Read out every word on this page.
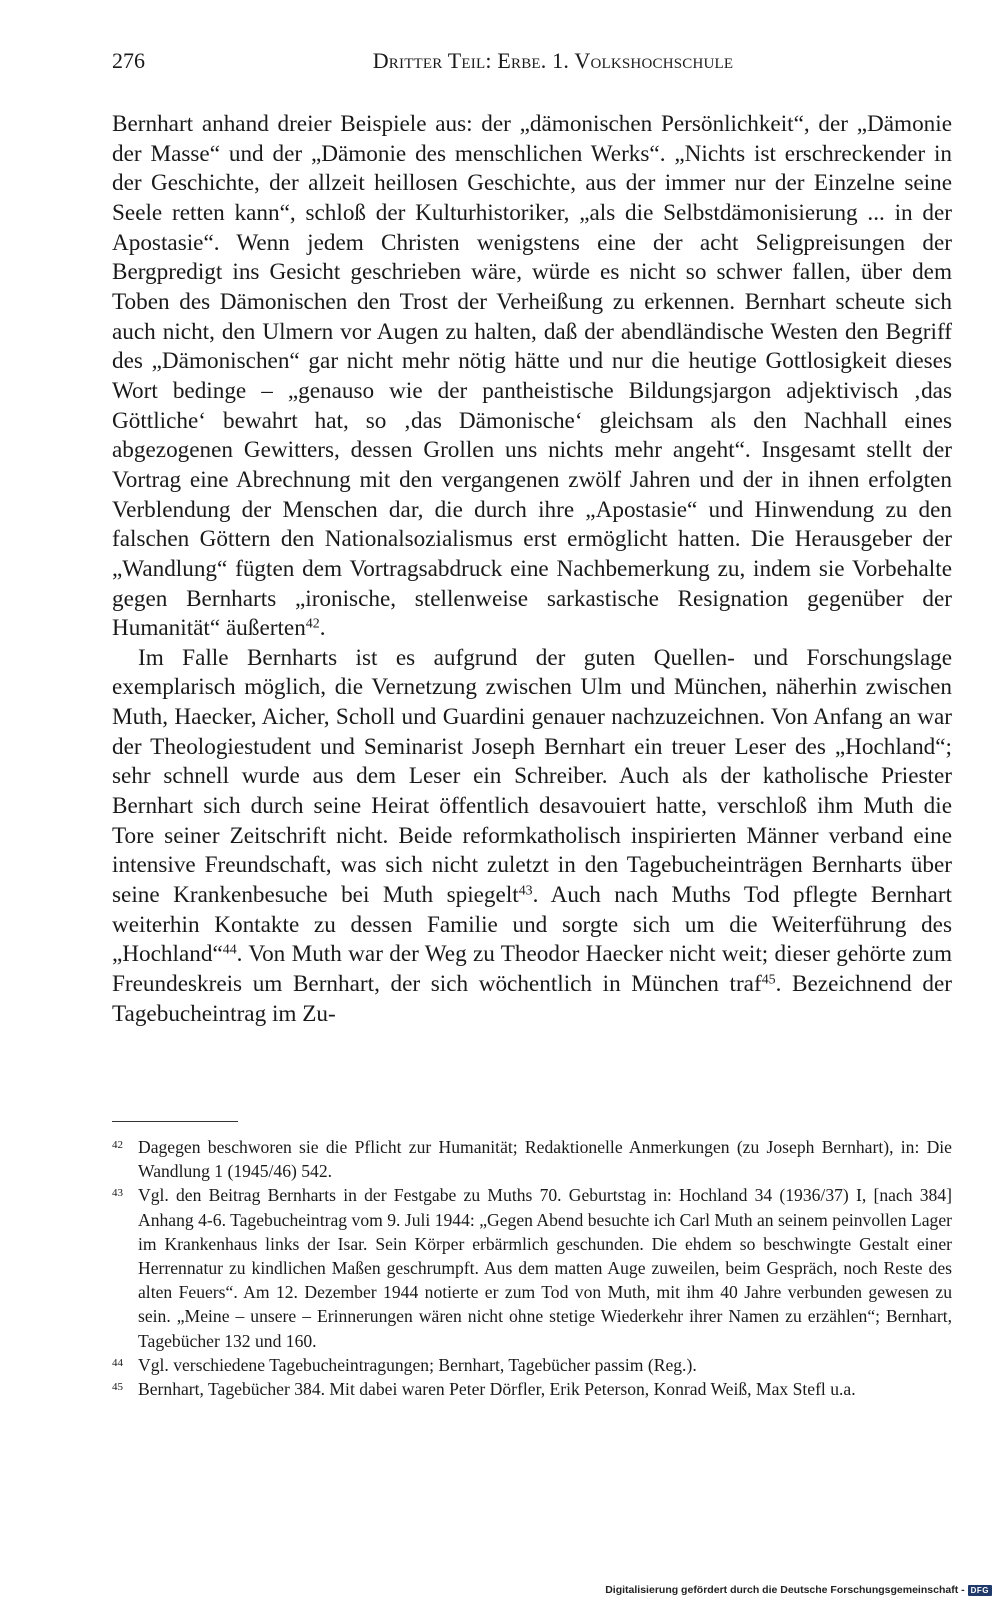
276	Dritter Teil: Erbe. 1. Volkshochschule

Bernhart anhand dreier Beispiele aus: der „dämonischen Persönlichkeit“, der „Dämonie der Masse“ und der „Dämonie des menschlichen Werks“. „Nichts ist erschreckender in der Geschichte, der allzeit heillosen Geschichte, aus der immer nur der Einzelne seine Seele retten kann“, schloß der Kulturhistoriker, „als die Selbstdämonisierung ... in der Apostasie“. Wenn jedem Christen wenigstens eine der acht Seligpreisungen der Bergpredigt ins Gesicht geschrieben wäre, würde es nicht so schwer fallen, über dem Toben des Dämonischen den Trost der Verheißung zu erkennen. Bernhart scheute sich auch nicht, den Ulmern vor Augen zu halten, daß der abendländische Westen den Begriff des „Dämonischen“ gar nicht mehr nötig hätte und nur die heutige Gottlosigkeit dieses Wort bedinge – „genauso wie der pantheistische Bildungsjargon adjektivisch ‚das Göttliche‘ bewahrt hat, so ‚das Dämonische‘ gleichsam als den Nachhall eines abgezogenen Gewitters, dessen Grollen uns nichts mehr angeht“. Insgesamt stellt der Vortrag eine Abrechnung mit den vergangenen zwölf Jahren und der in ihnen erfolgten Verblendung der Menschen dar, die durch ihre „Apostasie“ und Hinwendung zu den falschen Göttern den Nationalsozialismus erst ermöglicht hatten. Die Herausgeber der „Wandlung“ fügten dem Vortragsabdruck eine Nachbemerkung zu, indem sie Vorbehalte gegen Bernharts „ironische, stellenweise sarkastische Resignation gegenüber der Humanität“ äußerten$^{42}$.

Im Falle Bernharts ist es aufgrund der guten Quellen- und Forschungslage exemplarisch möglich, die Vernetzung zwischen Ulm und München, näherhin zwischen Muth, Haecker, Aicher, Scholl und Guardini genauer nachzuzeichnen. Von Anfang an war der Theologiestudent und Seminarist Joseph Bernhart ein treuer Leser des „Hochland“; sehr schnell wurde aus dem Leser ein Schreiber. Auch als der katholische Priester Bernhart sich durch seine Heirat öffentlich desavouiert hatte, verschloß ihm Muth die Tore seiner Zeitschrift nicht. Beide reformkatholisch inspirierten Männer verband eine intensive Freundschaft, was sich nicht zuletzt in den Tagebucheinträgen Bernharts über seine Krankenbesuche bei Muth spiegelt$^{43}$. Auch nach Muths Tod pflegte Bernhart weiterhin Kontakte zu dessen Familie und sorgte sich um die Weiterführung des „Hochland“$^{44}$. Von Muth war der Weg zu Theodor Haecker nicht weit; dieser gehörte zum Freundeskreis um Bernhart, der sich wöchentlich in München traf$^{45}$. Bezeichnend der Tagebucheintrag im Zu-

42 Dagegen beschworen sie die Pflicht zur Humanität; Redaktionelle Anmerkungen (zu Joseph Bernhart), in: Die Wandlung 1 (1945/46) 542.
43 Vgl. den Beitrag Bernharts in der Festgabe zu Muths 70. Geburtstag in: Hochland 34 (1936/37) I, [nach 384] Anhang 4-6. Tagebucheintrag vom 9. Juli 1944: „Gegen Abend besuchte ich Carl Muth an seinem peinvollen Lager im Krankenhaus links der Isar. Sein Körper erbärmlich geschunden. Die ehdem so beschwingte Gestalt einer Herrennatur zu kindlichen Maßen geschrumpft. Aus dem matten Auge zuweilen, beim Gespräch, noch Reste des alten Feuers“. Am 12. Dezember 1944 notierte er zum Tod von Muth, mit ihm 40 Jahre verbunden gewesen zu sein. „Meine – unsere – Erinnerungen wären nicht ohne stetige Wiederkehr ihrer Namen zu erzählen“; Bernhart, Tagebücher 132 und 160.
44 Vgl. verschiedene Tagebucheintragungen; Bernhart, Tagebücher passim (Reg.).
45 Bernhart, Tagebücher 384. Mit dabei waren Peter Dörfler, Erik Peterson, Konrad Weiß, Max Stefl u.a.
Digitalisierung gefördert durch die Deutsche Forschungsgemeinschaft - DFG
